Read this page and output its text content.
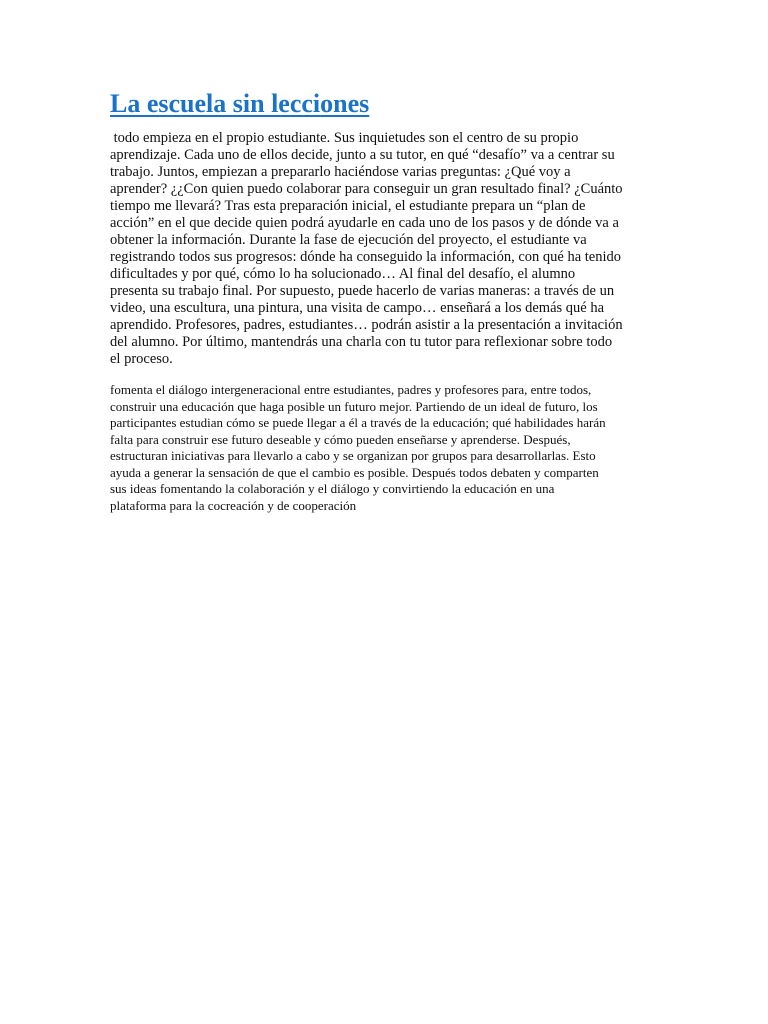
La escuela sin lecciones

todo empieza en el propio estudiante. Sus inquietudes son el centro de su propio
aprendizaje. Cada uno de ellos decide, junto a su tutor, en qué “desafío” va a centrar su
trabajo. Juntos, empiezan a prepararlo haciéndose varias preguntas: ¿Qué voy a
aprender? ¿¿Con quien puedo colaborar para conseguir un gran resultado final? ¿Cuánto
tiempo me llevará? Tras esta preparación inicial, el estudiante prepara un “plan de
acción” en el que decide quien podrá ayudarle en cada uno de los pasos y de dónde va a
obtener la información. Durante la fase de ejecución del proyecto, el estudiante va
registrando todos sus progresos: dónde ha conseguido la información, con qué ha tenido
dificultades y por qué, cómo lo ha solucionado… Al final del desafío, el alumno
presenta su trabajo final. Por supuesto, puede hacerlo de varias maneras: a través de un
video, una escultura, una pintura, una visita de campo… enseñará a los demás qué ha
aprendido. Profesores, padres, estudiantes… podrán asistir a la presentación a invitación
del alumno. Por último, mantendrás una charla con tu tutor para reflexionar sobre todo
el proceso.

fomenta el diálogo intergeneracional entre estudiantes, padres y profesores para, entre todos,
construir una educación que haga posible un futuro mejor. Partiendo de un ideal de futuro, los
participantes estudian cómo se puede llegar a él a través de la educación; qué habilidades harán
falta para construir ese futuro deseable y cómo pueden enseñarse y aprenderse. Después,
estructuran iniciativas para llevarlo a cabo y se organizan por grupos para desarrollarlas. Esto
ayuda a generar la sensación de que el cambio es posible. Después todos debaten y comparten
sus ideas fomentando la colaboración y el diálogo y convirtiendo la educación en una
plataforma para la cocreación y de cooperación
